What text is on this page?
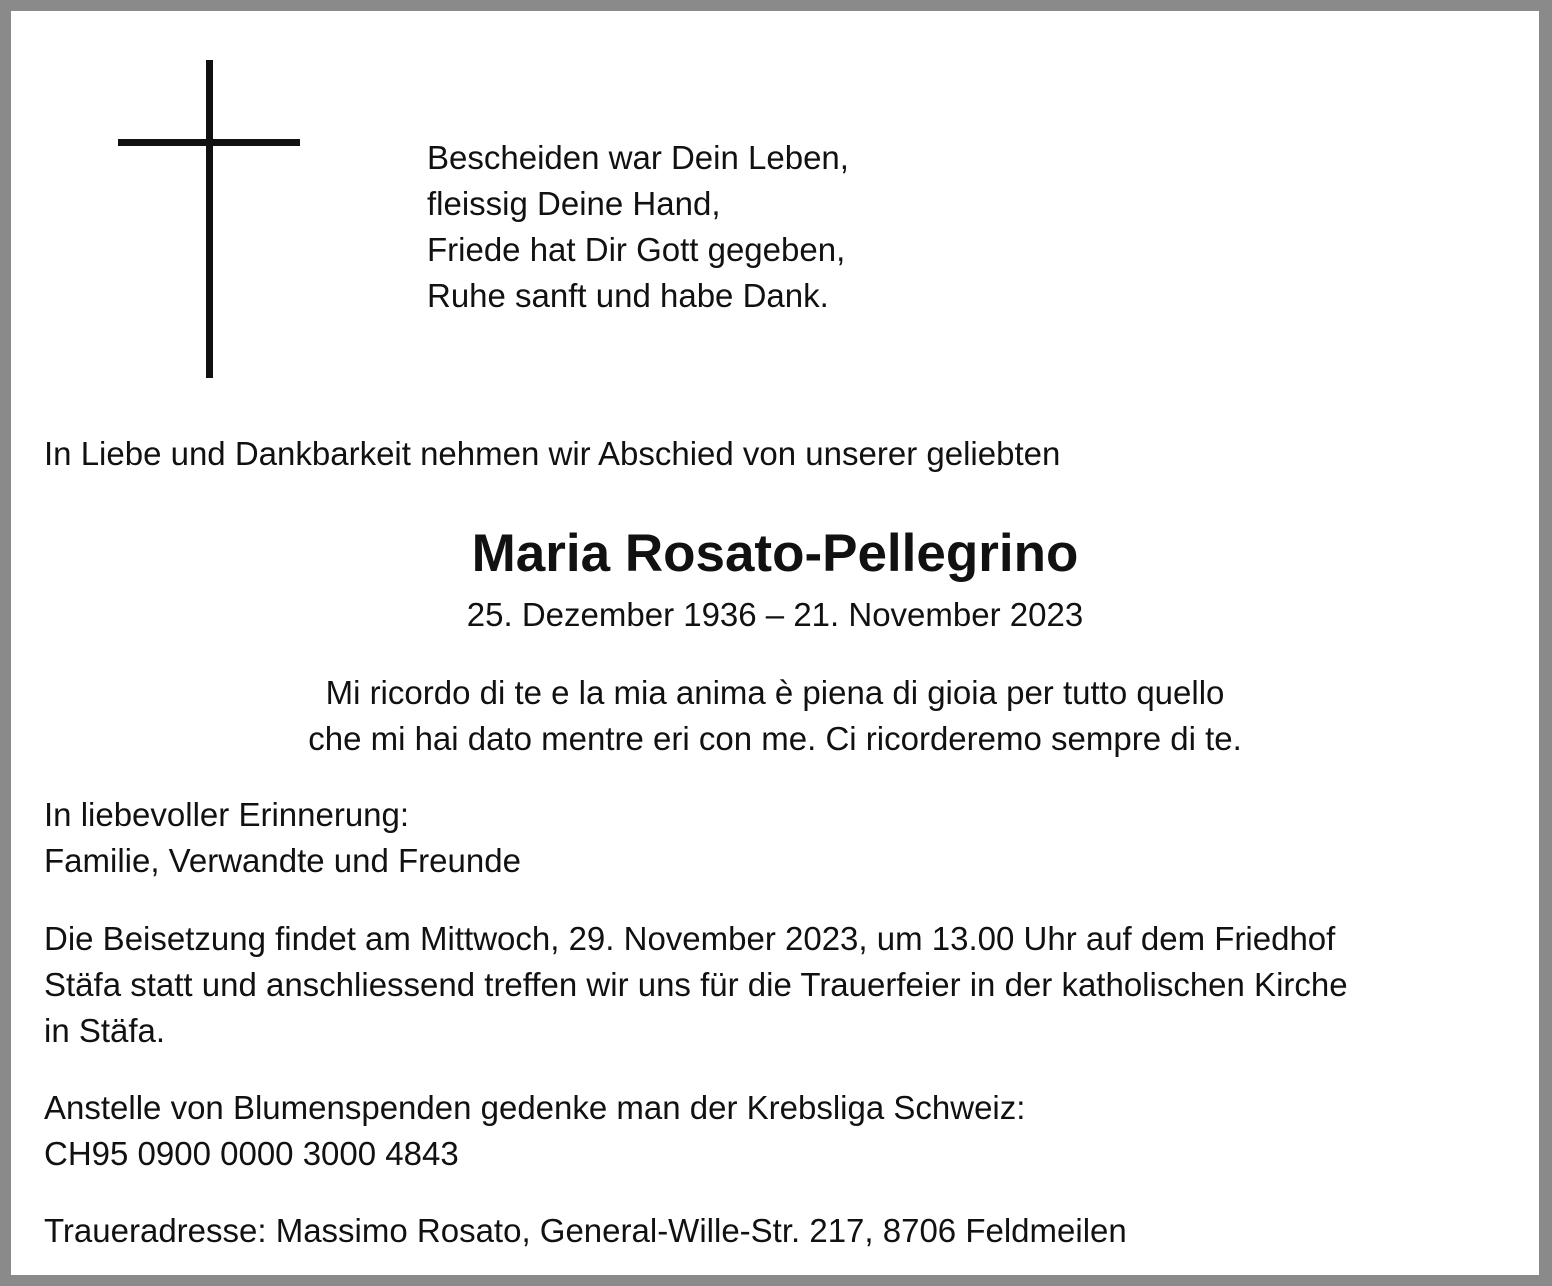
Bescheiden war Dein Leben,
fleissig Deine Hand,
Friede hat Dir Gott gegeben,
Ruhe sanft und habe Dank.
In Liebe und Dankbarkeit nehmen wir Abschied von unserer geliebten
Maria Rosato-Pellegrino
25. Dezember 1936 – 21. November 2023
Mi ricordo di te e la mia anima è piena di gioia per tutto quello
che mi hai dato mentre eri con me. Ci ricorderemo sempre di te.
In liebevoller Erinnerung:
Familie, Verwandte und Freunde
Die Beisetzung findet am Mittwoch, 29. November 2023, um 13.00 Uhr auf dem Friedhof
Stäfa statt und anschliessend treffen wir uns für die Trauerfeier in der katholischen Kirche
in Stäfa.
Anstelle von Blumenspenden gedenke man der Krebsliga Schweiz:
CH95 0900 0000 3000 4843
Traueradresse: Massimo Rosato, General-Wille-Str. 217, 8706 Feldmeilen
